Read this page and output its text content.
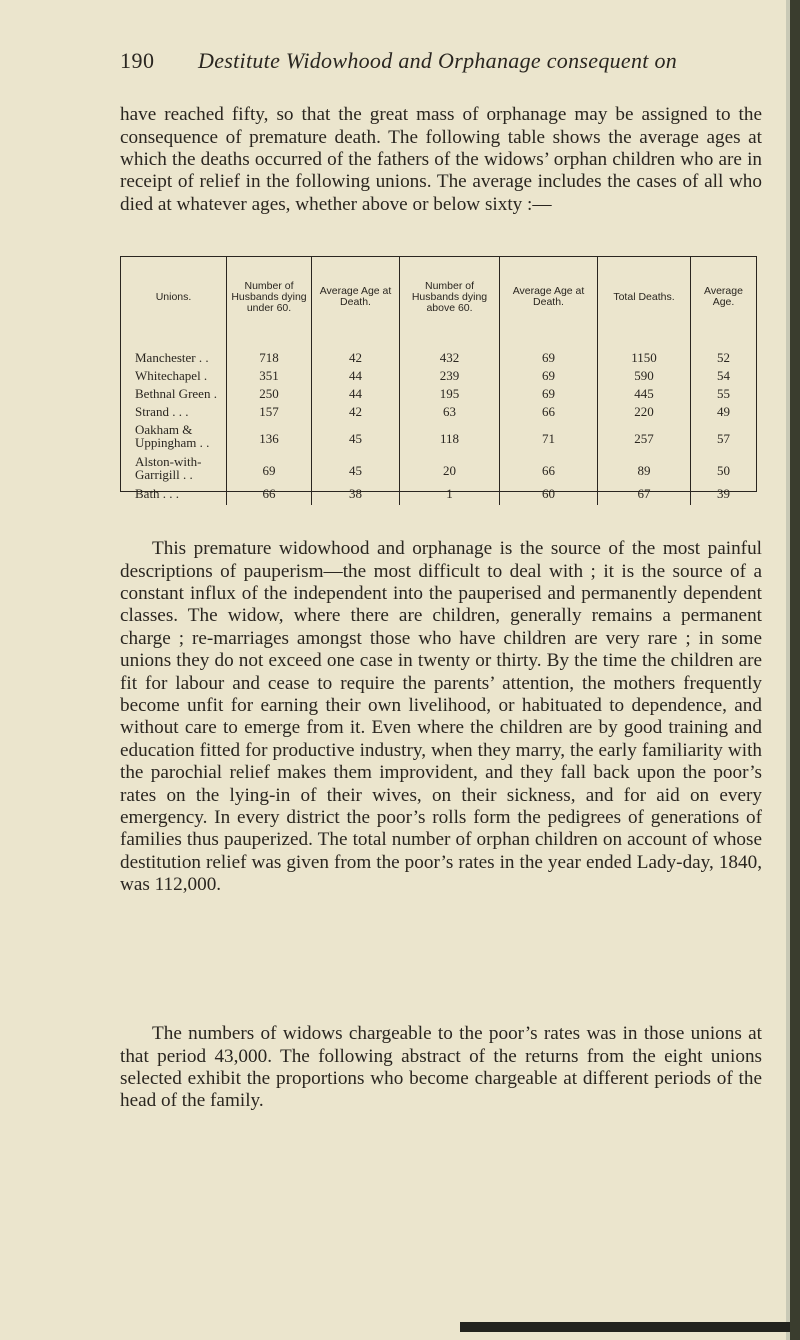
190 Destitute Widowhood and Orphanage consequent on

have reached fifty, so that the great mass of orphanage may be assigned to the consequence of premature death. The following table shows the average ages at which the deaths occurred of the fathers of the widows’ orphan children who are in receipt of relief in the following unions. The average includes the cases of all who died at whatever ages, whether above or below sixty :—

Unions.	Number of Husbands dying under 60.	Average Age at Death.	Number of Husbands dying above 60.	Average Age at Death.	Total Deaths.	Average Age.

Manchester . .	718	42	432	69	1150	52
Whitechapel .	351	44	239	69	590	54
Bethnal Green .	250	44	195	69	445	55
Strand . . .	157	42	63	66	220	49
Oakham & Uppingham . .	136	45	118	71	257	57
Alston-with-Garrigill . .	69	45	20	66	89	50
Bath . . .	66	38	1	60	67	39

This premature widowhood and orphanage is the source of the most painful descriptions of pauperism—the most difficult to deal with ; it is the source of a constant influx of the independent into the pauperised and permanently dependent classes. The widow, where there are children, generally remains a permanent charge ; re-marriages amongst those who have children are very rare ; in some unions they do not exceed one case in twenty or thirty. By the time the children are fit for labour and cease to require the parents’ attention, the mothers frequently become unfit for earning their own livelihood, or habituated to dependence, and without care to emerge from it. Even where the children are by good training and education fitted for productive industry, when they marry, the early familiarity with the parochial relief makes them improvident, and they fall back upon the poor’s rates on the lying-in of their wives, on their sickness, and for aid on every emergency. In every district the poor’s rolls form the pedigrees of generations of families thus pauperized. The total number of orphan children on account of whose destitution relief was given from the poor’s rates in the year ended Lady-day, 1840, was 112,000.

The numbers of widows chargeable to the poor’s rates was in those unions at that period 43,000. The following abstract of the returns from the eight unions selected exhibit the proportions who become chargeable at different periods of the head of the family.
